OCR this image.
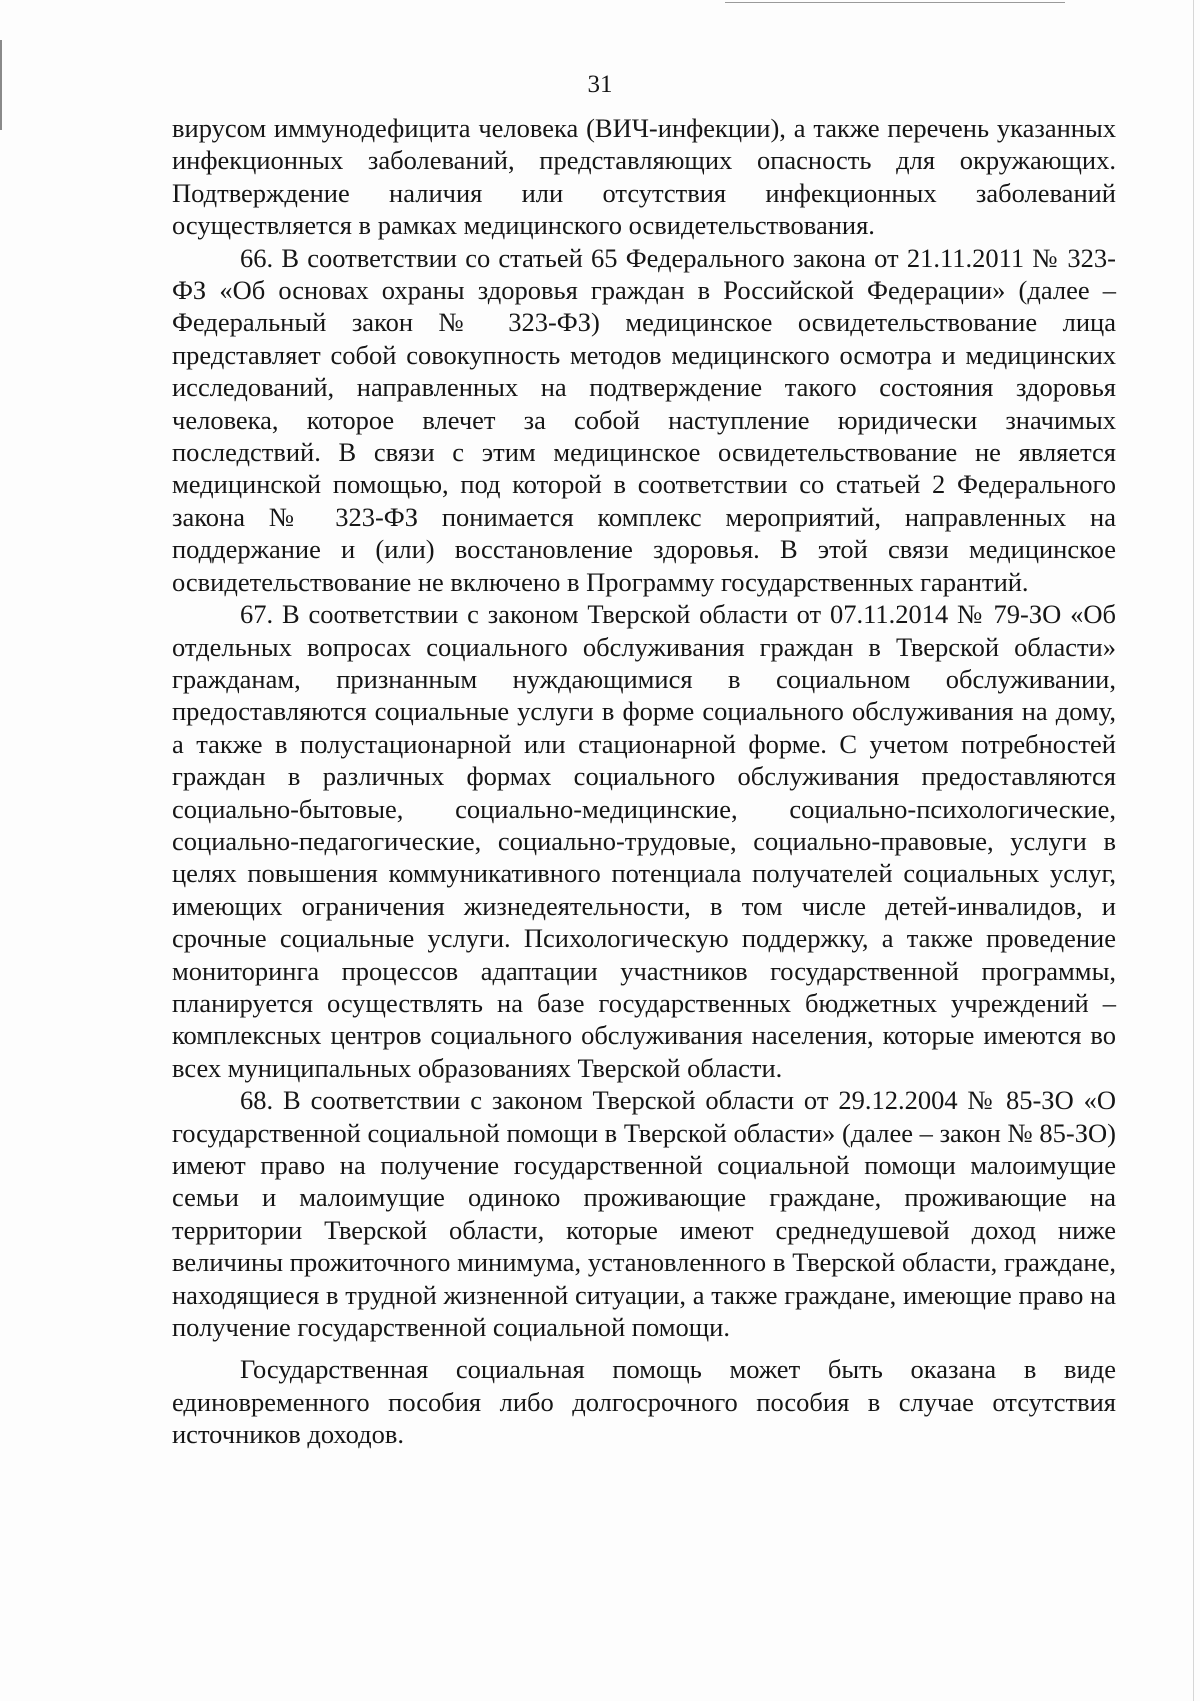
31

вирусом иммунодефицита человека (ВИЧ-инфекции), а также перечень указанных инфекционных заболеваний, представляющих опасность для окружающих. Подтверждение наличия или отсутствия инфекционных заболеваний осуществляется в рамках медицинского освидетельствования.

66. В соответствии со статьей 65 Федерального закона от 21.11.2011 № 323-ФЗ «Об основах охраны здоровья граждан в Российской Федерации» (далее – Федеральный закон № 323-ФЗ) медицинское освидетельствование лица представляет собой совокупность методов медицинского осмотра и медицинских исследований, направленных на подтверждение такого состояния здоровья человека, которое влечет за собой наступление юридически значимых последствий. В связи с этим медицинское освидетельствование не является медицинской помощью, под которой в соответствии со статьей 2 Федерального закона № 323-ФЗ понимается комплекс мероприятий, направленных на поддержание и (или) восстановление здоровья. В этой связи медицинское освидетельствование не включено в Программу государственных гарантий.

67. В соответствии с законом Тверской области от 07.11.2014 № 79-ЗО «Об отдельных вопросах социального обслуживания граждан в Тверской области» гражданам, признанным нуждающимися в социальном обслуживании, предоставляются социальные услуги в форме социального обслуживания на дому, а также в полустационарной или стационарной форме. С учетом потребностей граждан в различных формах социального обслуживания предоставляются социально-бытовые, социально-медицинские, социально-психологические, социально-педагогические, социально-трудовые, социально-правовые, услуги в целях повышения коммуникативного потенциала получателей социальных услуг, имеющих ограничения жизнедеятельности, в том числе детей-инвалидов, и срочные социальные услуги. Психологическую поддержку, а также проведение мониторинга процессов адаптации участников государственной программы, планируется осуществлять на базе государственных бюджетных учреждений – комплексных центров социального обслуживания населения, которые имеются во всех муниципальных образованиях Тверской области.

68. В соответствии с законом Тверской области от 29.12.2004 № 85-ЗО «О государственной социальной помощи в Тверской области» (далее – закон № 85-ЗО) имеют право на получение государственной социальной помощи малоимущие семьи и малоимущие одиноко проживающие граждане, проживающие на территории Тверской области, которые имеют среднедушевой доход ниже величины прожиточного минимума, установленного в Тверской области, граждане, находящиеся в трудной жизненной ситуации, а также граждане, имеющие право на получение государственной социальной помощи.

Государственная социальная помощь может быть оказана в виде единовременного пособия либо долгосрочного пособия в случае отсутствия источников доходов.
